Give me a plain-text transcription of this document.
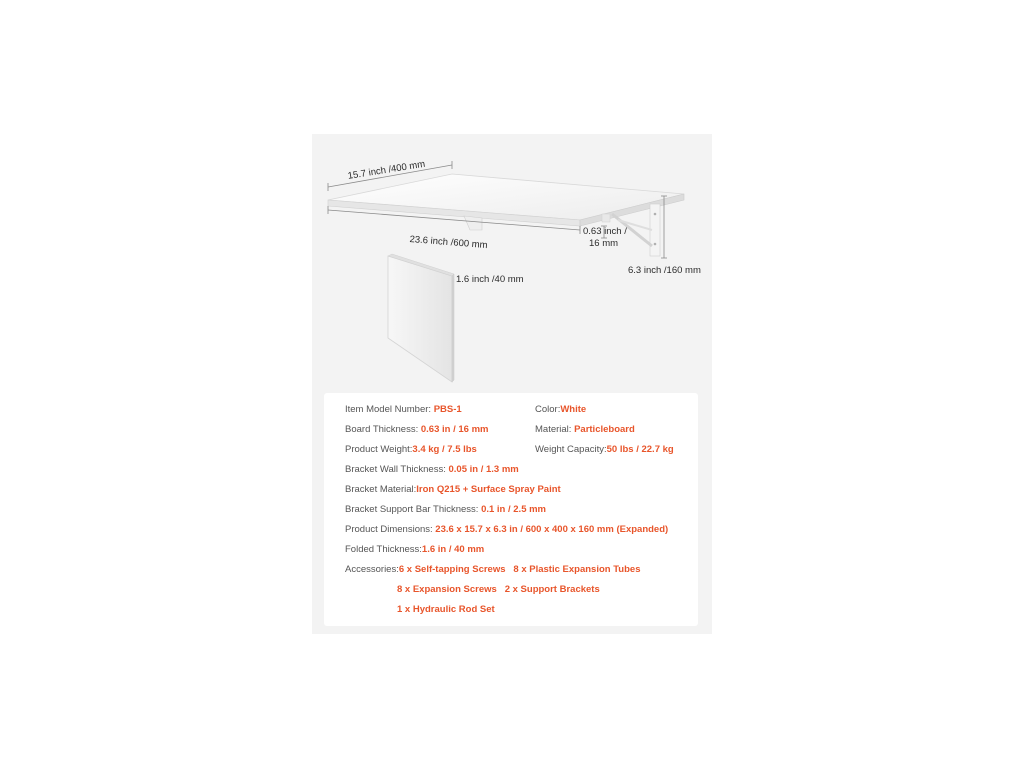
15.7 inch /400 mm
23.6 inch /600 mm
0.63 inch /
16 mm
6.3 inch /160 mm
1.6 inch /40 mm
Item Model Number: PBS-1	Color:White
Board Thickness: 0.63 in / 16 mm	Material: Particleboard
Product Weight:3.4 kg / 7.5 lbs	Weight Capacity:50 lbs / 22.7 kg
Bracket Wall Thickness: 0.05 in / 1.3 mm
Bracket Material:Iron Q215 + Surface Spray Paint
Bracket Support Bar Thickness: 0.1 in / 2.5 mm
Product Dimensions: 23.6 x 15.7 x 6.3 in / 600 x 400 x 160 mm (Expanded)
Folded Thickness:1.6 in / 40 mm
Accessories:6 x Self-tapping Screws   8 x Plastic Expansion Tubes
8 x Expansion Screws   2 x Support Brackets
1 x Hydraulic Rod Set
